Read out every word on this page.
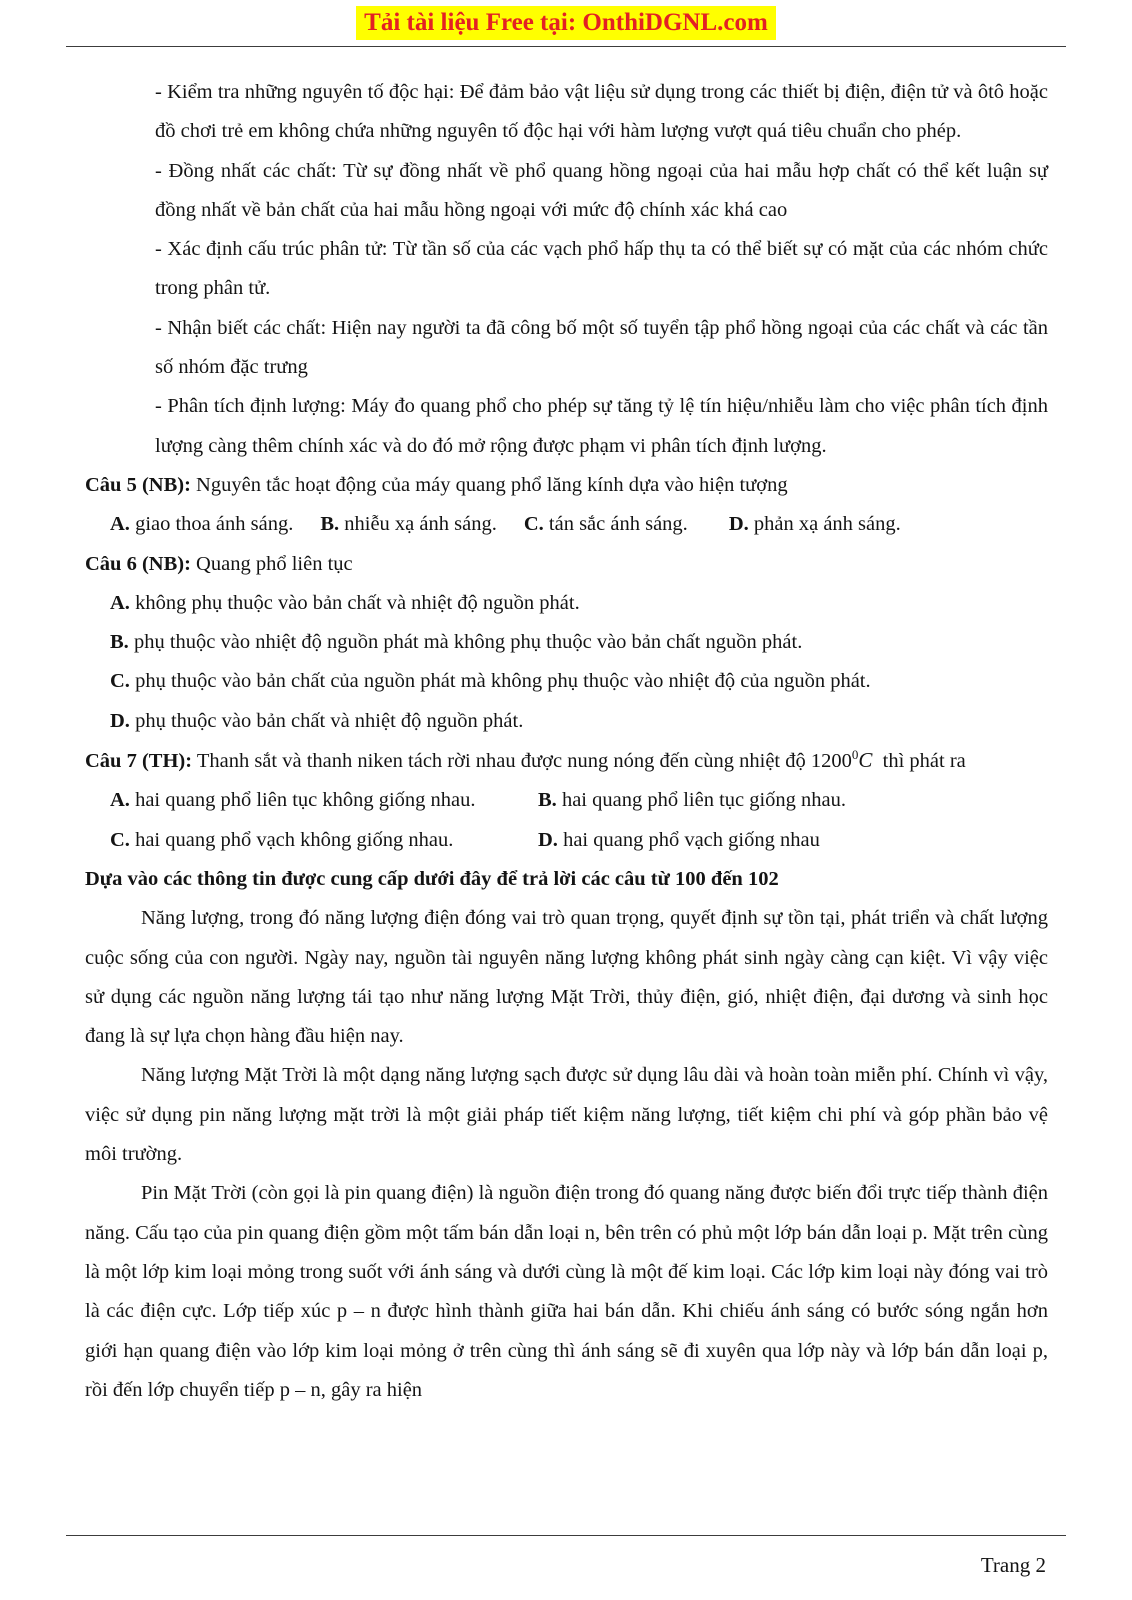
Tải tài liệu Free tại: OnthiDGNL.com

- Kiểm tra những nguyên tố độc hại: Để đảm bảo vật liệu sử dụng trong các thiết bị điện, điện tử và ôtô hoặc đồ chơi trẻ em không chứa những nguyên tố độc hại với hàm lượng vượt quá tiêu chuẩn cho phép.

- Đồng nhất các chất: Từ sự đồng nhất về phổ quang hồng ngoại của hai mẫu hợp chất có thể kết luận sự đồng nhất về bản chất của hai mẫu hồng ngoại với mức độ chính xác khá cao

- Xác định cấu trúc phân tử: Từ tần số của các vạch phổ hấp thụ ta có thể biết sự có mặt của các nhóm chức trong phân tử.

- Nhận biết các chất: Hiện nay người ta đã công bố một số tuyển tập phổ hồng ngoại của các chất và các tần số nhóm đặc trưng

- Phân tích định lượng: Máy đo quang phổ cho phép sự tăng tỷ lệ tín hiệu/nhiễu làm cho việc phân tích định lượng càng thêm chính xác và do đó mở rộng được phạm vi phân tích định lượng.

Câu 5 (NB): Nguyên tắc hoạt động của máy quang phổ lăng kính dựa vào hiện tượng

A. giao thoa ánh sáng. B. nhiễu xạ ánh sáng. C. tán sắc ánh sáng. D. phản xạ ánh sáng.

Câu 6 (NB): Quang phổ liên tục

A. không phụ thuộc vào bản chất và nhiệt độ nguồn phát.

B. phụ thuộc vào nhiệt độ nguồn phát mà không phụ thuộc vào bản chất nguồn phát.

C. phụ thuộc vào bản chất của nguồn phát mà không phụ thuộc vào nhiệt độ của nguồn phát.

D. phụ thuộc vào bản chất và nhiệt độ nguồn phát.

Câu 7 (TH): Thanh sắt và thanh niken tách rời nhau được nung nóng đến cùng nhiệt độ 1200$^0$C thì phát ra

A. hai quang phổ liên tục không giống nhau.	B. hai quang phổ liên tục giống nhau.
C. hai quang phổ vạch không giống nhau.	D. hai quang phổ vạch giống nhau

Dựa vào các thông tin được cung cấp dưới đây để trả lời các câu từ 100 đến 102

Năng lượng, trong đó năng lượng điện đóng vai trò quan trọng, quyết định sự tồn tại, phát triển và chất lượng cuộc sống của con người. Ngày nay, nguồn tài nguyên năng lượng không phát sinh ngày càng cạn kiệt. Vì vậy việc sử dụng các nguồn năng lượng tái tạo như năng lượng Mặt Trời, thủy điện, gió, nhiệt điện, đại dương và sinh học đang là sự lựa chọn hàng đầu hiện nay.

Năng lượng Mặt Trời là một dạng năng lượng sạch được sử dụng lâu dài và hoàn toàn miễn phí. Chính vì vậy, việc sử dụng pin năng lượng mặt trời là một giải pháp tiết kiệm năng lượng, tiết kiệm chi phí và góp phần bảo vệ môi trường.

Pin Mặt Trời (còn gọi là pin quang điện) là nguồn điện trong đó quang năng được biến đổi trực tiếp thành điện năng. Cấu tạo của pin quang điện gồm một tấm bán dẫn loại n, bên trên có phủ một lớp bán dẫn loại p. Mặt trên cùng là một lớp kim loại mỏng trong suốt với ánh sáng và dưới cùng là một đế kim loại. Các lớp kim loại này đóng vai trò là các điện cực. Lớp tiếp xúc p – n được hình thành giữa hai bán dẫn. Khi chiếu ánh sáng có bước sóng ngắn hơn giới hạn quang điện vào lớp kim loại mỏng ở trên cùng thì ánh sáng sẽ đi xuyên qua lớp này và lớp bán dẫn loại p, rồi đến lớp chuyển tiếp p – n, gây ra hiện

Trang 2
